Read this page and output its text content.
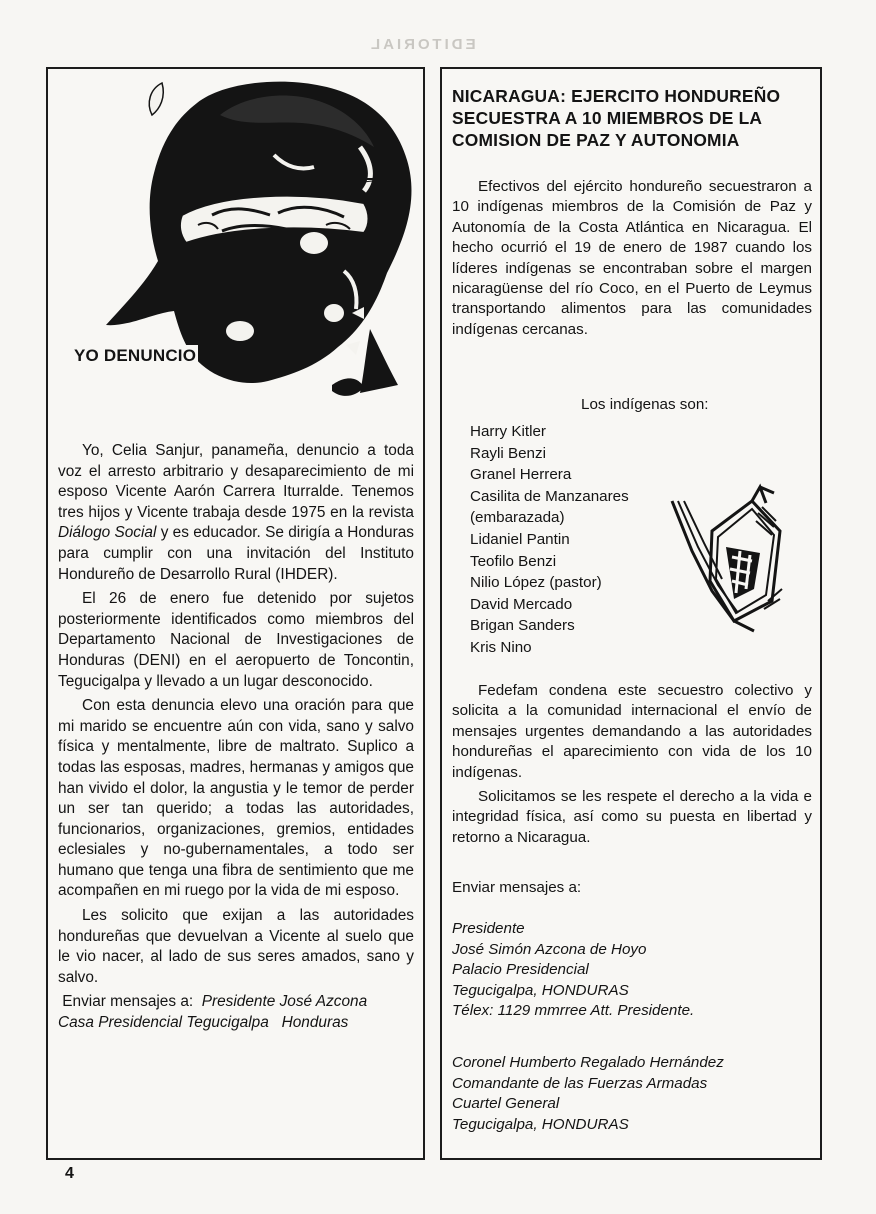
EDITORIAL
YO DENUNCIO

Yo, Celia Sanjur, panameña, denuncio a toda voz el arresto arbitrario y desaparecimiento de mi esposo Vicente Aarón Carrera Iturralde. Tenemos tres hijos y Vicente trabaja desde 1975 en la revista Diálogo Social y es educador. Se dirigía a Honduras para cumplir con una invitación del Instituto Hondureño de Desarrollo Rural (IHDER).

El 26 de enero fue detenido por sujetos posteriormente identificados como miembros del Departamento Nacional de Investigaciones de Honduras (DENI) en el aeropuerto de Toncontin, Tegucigalpa y llevado a un lugar desconocido.

Con esta denuncia elevo una oración para que mi marido se encuentre aún con vida, sano y salvo física y mentalmente, libre de maltrato. Suplico a todas las esposas, madres, hermanas y amigos que han vivido el dolor, la angustia y le temor de perder un ser tan querido; a todas las autoridades, funcionarios, organizaciones, gremios, entidades eclesiales y no-gubernamentales, a todo ser humano que tenga una fibra de sentimiento que me acompañen en mi ruego por la vida de mi esposo.

Les solicito que exijan a las autoridades hondureñas que devuelvan a Vicente al suelo que le vio nacer, al lado de sus seres amados, sano y salvo.

Enviar mensajes a: Presidente José Azcona
Casa Presidencial Tegucigalpa Honduras

NICARAGUA: EJERCITO HONDUREÑO SECUESTRA A 10 MIEMBROS DE LA COMISION DE PAZ Y AUTONOMIA

Efectivos del ejército hondureño secuestraron a 10 indígenas miembros de la Comisión de Paz y Autonomía de la Costa Atlántica en Nicaragua. El hecho ocurrió el 19 de enero de 1987 cuando los líderes indígenas se encontraban sobre el margen nicaragüense del río Coco, en el Puerto de Leymus transportando alimentos para las comunidades indígenas cercanas.

Los indígenas son:
Harry Kitler
Rayli Benzi
Granel Herrera
Casilita de Manzanares
(embarazada)
Lidaniel Pantin
Teofilo Benzi
Nilio López (pastor)
David Mercado
Brigan Sanders
Kris Nino

Fedefam condena este secuestro colectivo y solicita a la comunidad internacional el envío de mensajes urgentes demandando a las autoridades hondureñas el aparecimiento con vida de los 10 indígenas.

Solicitamos se les respete el derecho a la vida e integridad física, así como su puesta en libertad y retorno a Nicaragua.

Enviar mensajes a:
Presidente
José Simón Azcona de Hoyo
Palacio Presidencial
Tegucigalpa, HONDURAS
Télex: 1129 mmrree Att. Presidente.
Coronel Humberto Regalado Hernández
Comandante de las Fuerzas Armadas
Cuartel General
Tegucigalpa, HONDURAS
4
